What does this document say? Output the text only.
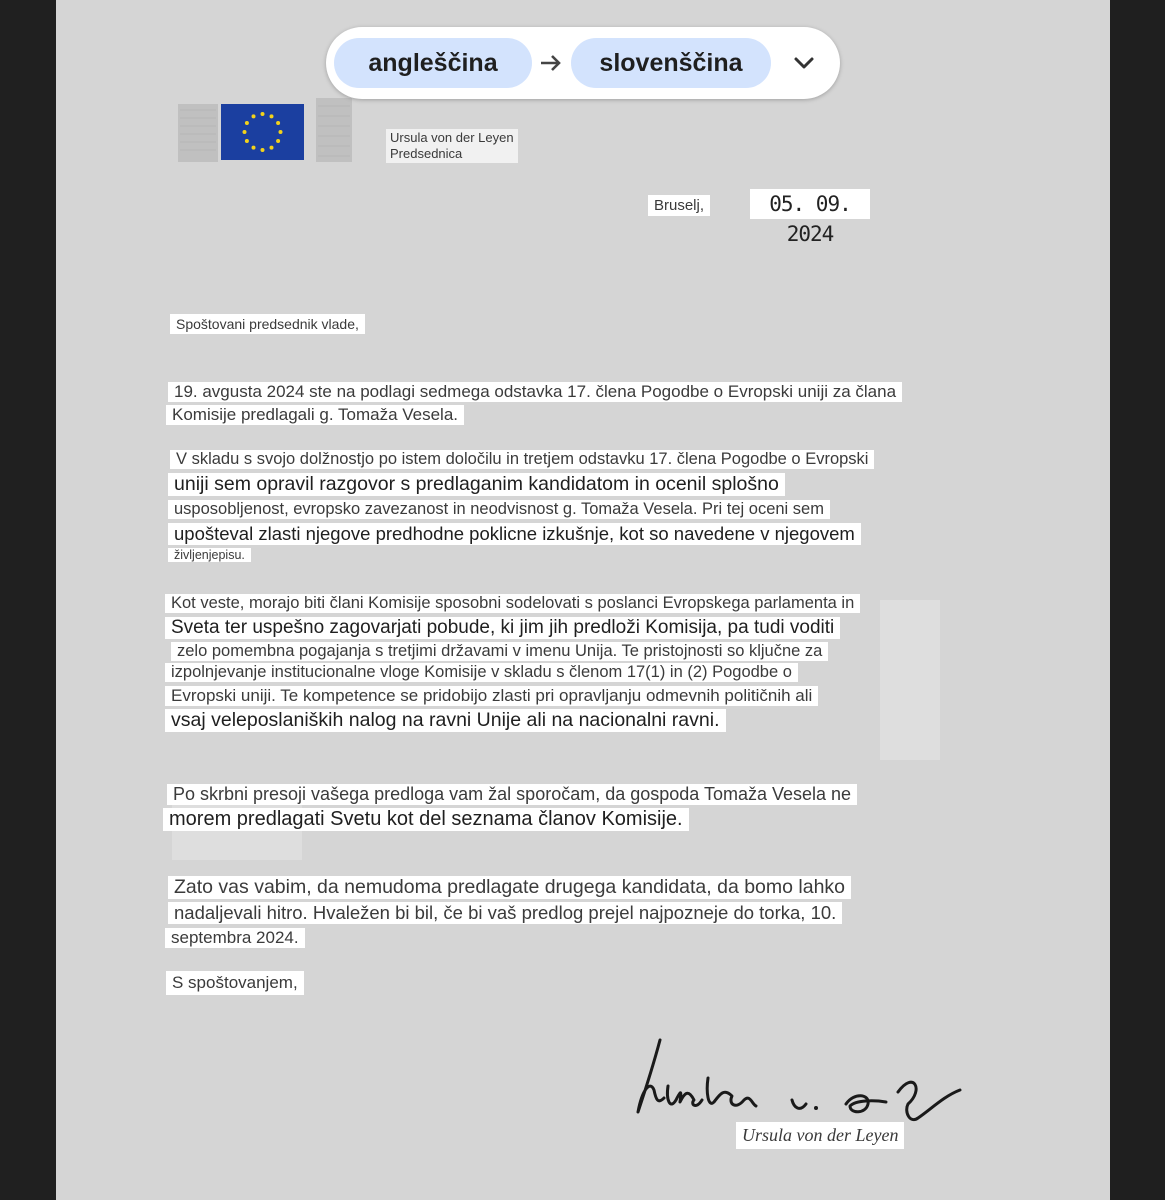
angleščina	slovenščina
Ursula von der Leyen
Predsednica
Bruselj,	05. 09. 2024
Spoštovani predsednik vlade,
19. avgusta 2024 ste na podlagi sedmega odstavka 17. člena Pogodbe o Evropski uniji za člana
Komisije predlagali g. Tomaža Vesela.
V skladu s svojo dolžnostjo po istem določilu in tretjem odstavku 17. člena Pogodbe o Evropski
uniji sem opravil razgovor s predlaganim kandidatom in ocenil splošno
usposobljenost, evropsko zavezanost in neodvisnost g. Tomaža Vesela. Pri tej oceni sem
upošteval zlasti njegove predhodne poklicne izkušnje, kot so navedene v njegovem
življenjepisu.
Kot veste, morajo biti člani Komisije sposobni sodelovati s poslanci Evropskega parlamenta in
Sveta ter uspešno zagovarjati pobude, ki jim jih predloži Komisija, pa tudi voditi
zelo pomembna pogajanja s tretjimi državami v imenu Unija. Te pristojnosti so ključne za
izpolnjevanje institucionalne vloge Komisije v skladu s členom 17(1) in (2) Pogodbe o
Evropski uniji. Te kompetence se pridobijo zlasti pri opravljanju odmevnih političnih ali
vsaj veleposlaniških nalog na ravni Unije ali na nacionalni ravni.
Po skrbni presoji vašega predloga vam žal sporočam, da gospoda Tomaža Vesela ne
morem predlagati Svetu kot del seznama članov Komisije.
Zato vas vabim, da nemudoma predlagate drugega kandidata, da bomo lahko
nadaljevali hitro. Hvaležen bi bil, če bi vaš predlog prejel najpozneje do torka, 10.
septembra 2024.
S spoštovanjem,
Ursula von der Leyen
